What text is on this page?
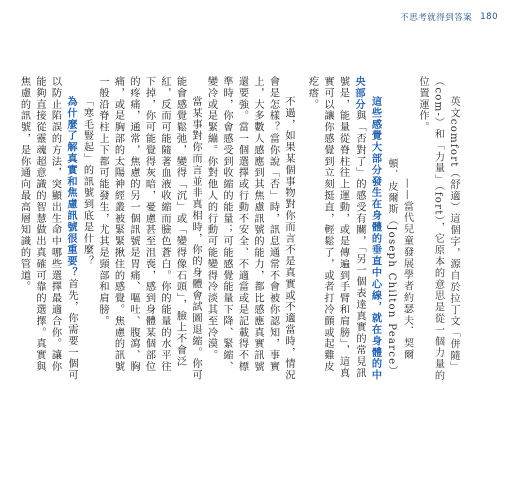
不思考就得到答案 180

英文comfort（舒適）這個字，源自於拉丁文「併隨」（com-）和「力量」（fort），它原本的意思是從一個力量的位置運作。

——當代兒童發展學者約瑟夫．契爾頓．皮爾斯（Joseph Chilton Pearce）

這些感覺大部分發生在身體的垂直中心線，就在身體的中央部分與「否對了」的感受有關，「另一個表達真實的常見訊號是，能量從脊柱往上運動，或是傳遍到手臂和肩膀」，這真實可以讓你感覺到立刻挺直，輕鬆了，或者打冷顫或起雞皮疙瘩。

不過，如果某個事物對你而言不是真實或不適當時，情況會是怎樣？當你說「否」時，訊息通常不會被你認知，事實上，大多數人感應到其焦慮訊號的能力，都比感應真實訊號還要強。當一個選擇或行動不安全、不適當或是記載得不標準時，你會感受到收縮的能量；可能感覺能量下降、緊縮、變冷或是緊繃。你對他人的行動可能變得冷淡其至冷漠。

當某事對你而言並非真相時，你的身體會試圖退縮。你可能會感覺鬆弛，變得「沉」或「變得像石頭」，臉上不會泛紅，反而可能隨著血液收縮而臉色蒼白。你的能量的水平往下掉，你可能覺得灰暗，憂慮甚至沮喪，感到身體某個部位的疼痛，通常，焦慮的另一個訊號是胃痛、嘔吐、腹瀉、胸痛，或是胸部的太陽神經叢被緊緊揪住的感覺。焦慮的訊號一般沿脊柱上下都可能發生，尤其是頸部和肩膀。

「寒毛豎起」的訊號到底是什麼？

為什麼了解真實和焦慮訊號很重要？首先，你需要一個可以防止陷誤的方法，突顯出生命中哪些選擇最適合你。讓你能夠直接從靈魂超意識的智慧做出真確可靠的選擇。真實與焦慮的訊號，是你通向最高層知識的管道。
